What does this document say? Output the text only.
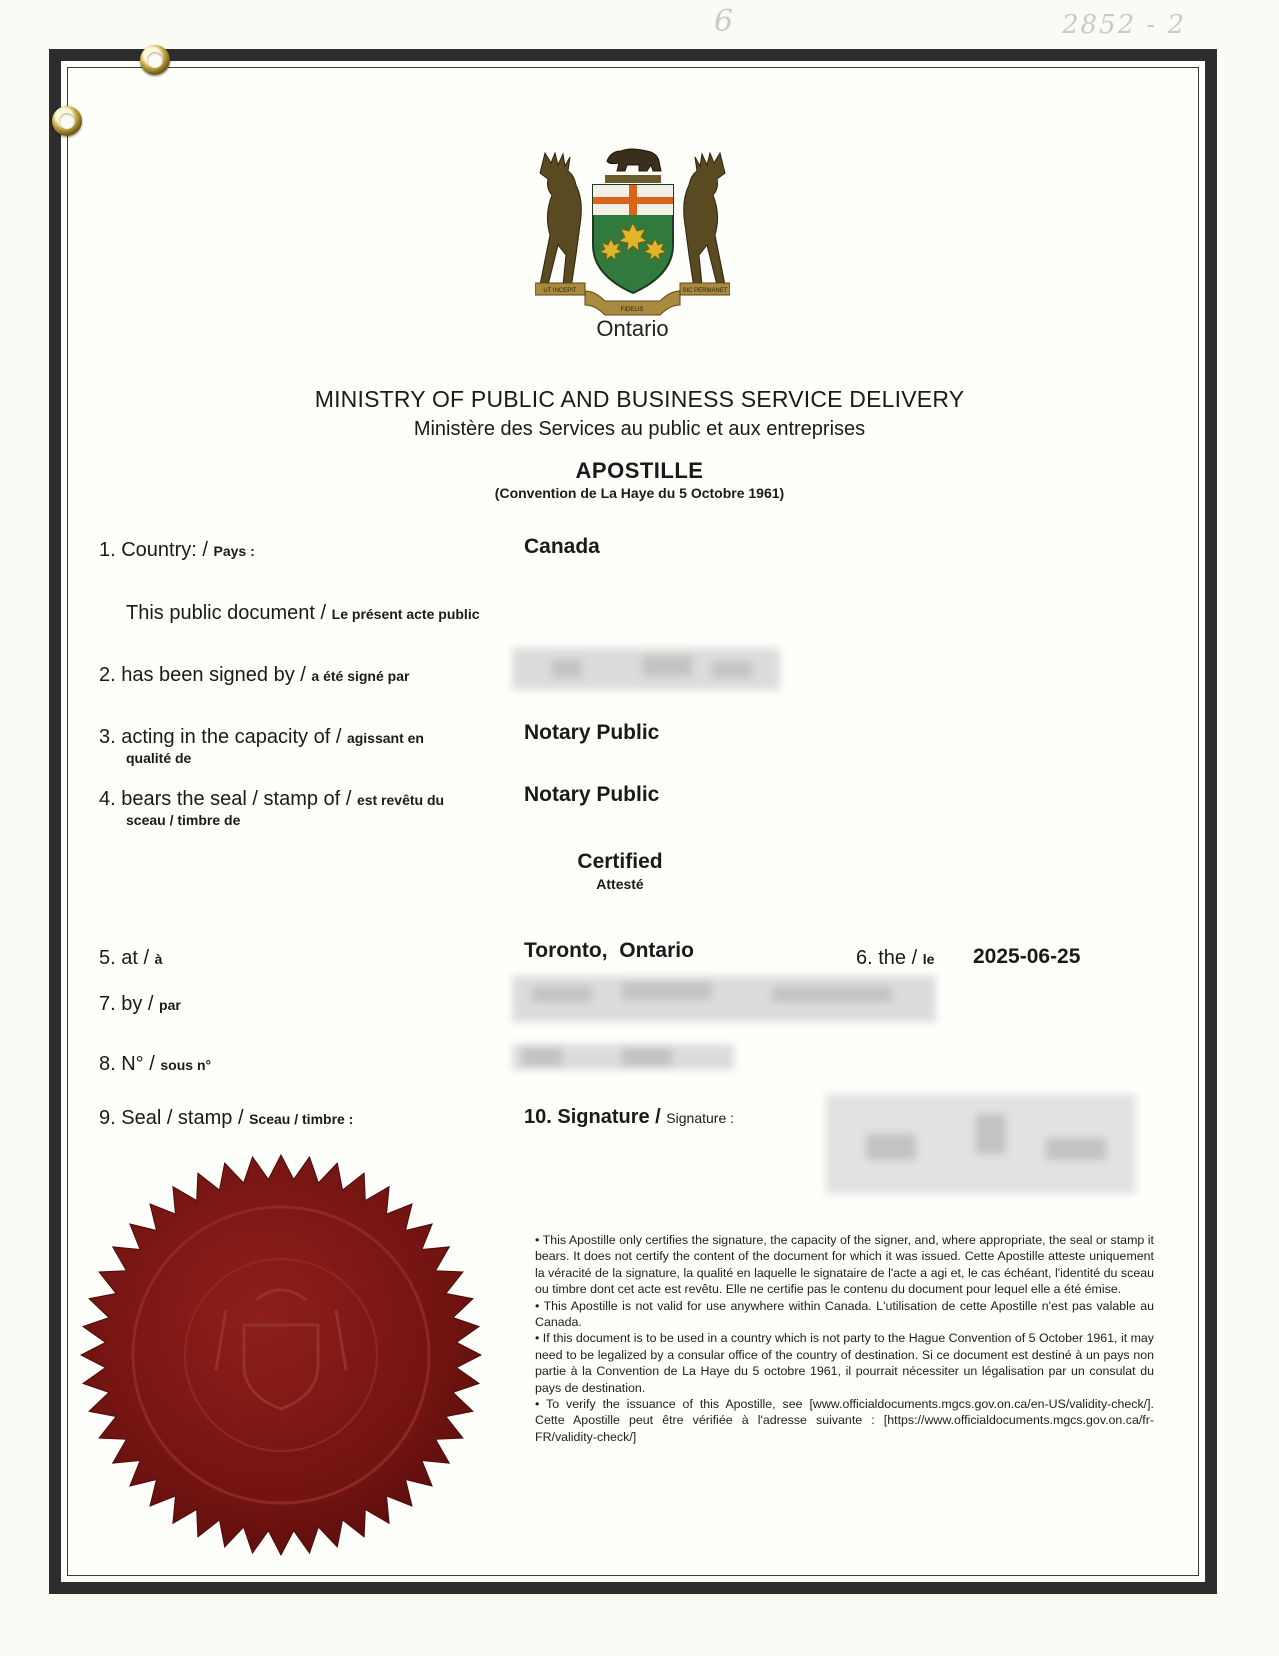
6	2852 - 2
UT INCEPIT
FIDELIS
SIC PERMANET
Ontario
MINISTRY OF PUBLIC AND BUSINESS SERVICE DELIVERY
Ministère des Services au public et aux entreprises
APOSTILLE
(Convention de La Haye du 5 Octobre 1961)
1. Country: / Pays :	Canada
This public document / Le présent acte public
2. has been signed by / a été signé par
3. acting in the capacity of / agissant en
qualité de
Notary Public
4. bears the seal / stamp of / est revêtu du
sceau / timbre de
Notary Public
Certified
Attesté
5. at / à	Toronto,  Ontario	6. the / le 2025-06-25
7. by / par
8. N° / sous n°
9. Seal / stamp / Sceau / timbre :	10. Signature / Signature :

• This Apostille only certifies the signature, the capacity of the signer, and, where appropriate, the seal or stamp it bears. It does not certify the content of the document for which it was issued. Cette Apostille atteste uniquement la véracité de la signature, la qualité en laquelle le signataire de l'acte a agi et, le cas échéant, l'identité du sceau ou timbre dont cet acte est revêtu. Elle ne certifie pas le contenu du document pour lequel elle a été émise.

• This Apostille is not valid for use anywhere within Canada. L'utilisation de cette Apostille n'est pas valable au Canada.

• If this document is to be used in a country which is not party to the Hague Convention of 5 October 1961, it may need to be legalized by a consular office of the country of destination. Si ce document est destiné à un pays non partie à la Convention de La Haye du 5 octobre 1961, il pourrait nécessiter un légalisation par un consulat du pays de destination.

• To verify the issuance of this Apostille, see [www.officialdocuments.mgcs.gov.on.ca/en-US/validity-check/]. Cette Apostille peut être vérifiée à l'adresse suivante : [https://www.officialdocuments.mgcs.gov.on.ca/fr-FR/validity-check/]
